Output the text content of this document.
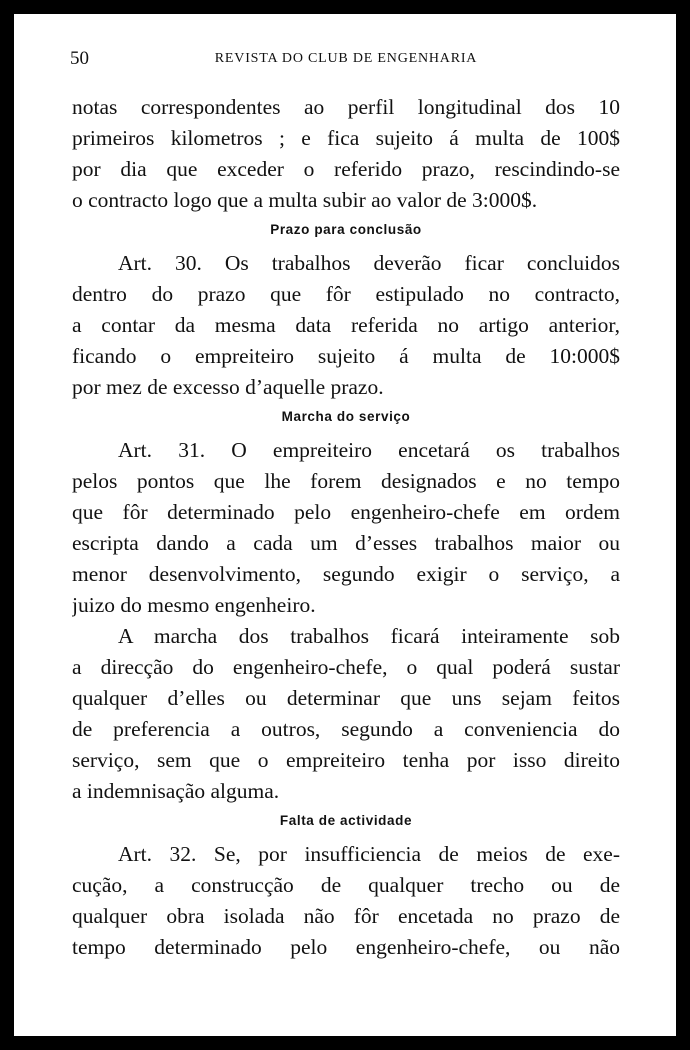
50	REVISTA DO CLUB DE ENGENHARIA
notas correspondentes ao perfil longitudinal dos 10
primeiros kilometros ; e fica sujeito á multa de 100$
por dia que exceder o referido prazo, rescindindo-se
o contracto logo que a multa subir ao valor de 3:000$.
Prazo para conclusão
Art. 30. Os trabalhos deverão ficar concluidos
dentro do prazo que fôr estipulado no contracto,
a contar da mesma data referida no artigo anterior,
ficando o empreiteiro sujeito á multa de 10:000$
por mez de excesso d’aquelle prazo.
Marcha do serviço
Art. 31. O empreiteiro encetará os trabalhos
pelos pontos que lhe forem designados e no tempo
que fôr determinado pelo engenheiro-chefe em ordem
escripta dando a cada um d’esses trabalhos maior ou
menor desenvolvimento, segundo exigir o serviço, a
juizo do mesmo engenheiro.
A marcha dos trabalhos ficará inteiramente sob
a direcção do engenheiro-chefe, o qual poderá sustar
qualquer d’elles ou determinar que uns sejam feitos
de preferencia a outros, segundo a conveniencia do
serviço, sem que o empreiteiro tenha por isso direito
a indemnisação alguma.
Falta de actividade
Art. 32. Se, por insufficiencia de meios de exe-
cução, a construcção de qualquer trecho ou de
qualquer obra isolada não fôr encetada no prazo de
tempo determinado pelo engenheiro-chefe, ou não
